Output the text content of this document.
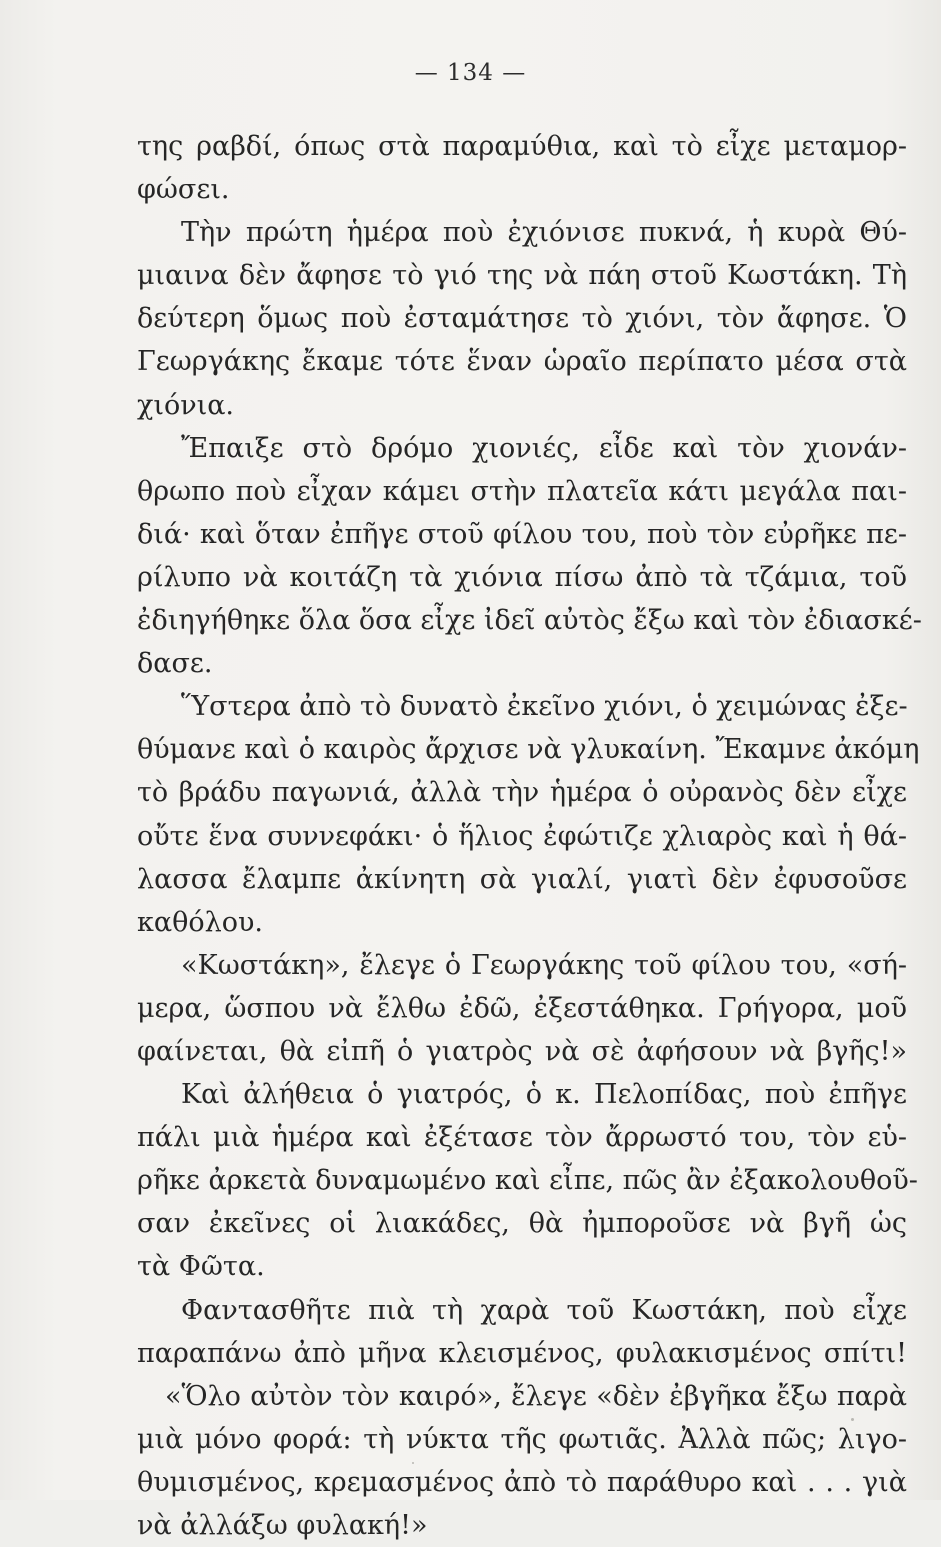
— 134 —

της ραβδί, όπως στὰ παραμύθια, καὶ τὸ εἶχε μεταμορ-
φώσει.
Τὴν πρώτη ἡμέρα ποὺ ἐχιόνισε πυκνά, ἡ κυρὰ Θύ-
μιαινα δὲν ἄφησε τὸ γιό της νὰ πάη στοῦ Κωστάκη. Τὴ
δεύτερη ὅμως ποὺ ἐσταμάτησε τὸ χιόνι, τὸν ἄφησε. Ὁ
Γεωργάκης ἔκαμε τότε ἕναν ὡραῖο περίπατο μέσα στὰ
χιόνια.
Ἔπαιξε στὸ δρόμο χιονιές, εἶδε καὶ τὸν χιονάν-
θρωπο ποὺ εἶχαν κάμει στὴν πλατεῖα κάτι μεγάλα παι-
διά· καὶ ὅταν ἐπῆγε στοῦ φίλου του, ποὺ τὸν εὐρῆκε πε-
ρίλυπο νὰ κοιτάζη τὰ χιόνια πίσω ἀπὸ τὰ τζάμια, τοῦ
ἐδιηγήθηκε ὅλα ὅσα εἶχε ἰδεῖ αὐτὸς ἔξω καὶ τὸν ἐδιασκέ-
δασε.
Ὕστερα ἀπὸ τὸ δυνατὸ ἐκεῖνο χιόνι, ὁ χειμώνας ἐξε-
θύμανε καὶ ὁ καιρὸς ἄρχισε νὰ γλυκαίνη. Ἔκαμνε ἀκόμη
τὸ βράδυ παγωνιά, ἀλλὰ τὴν ἡμέρα ὁ οὐρανὸς δὲν εἶχε
οὔτε ἕνα συννεφάκι· ὁ ἥλιος ἐφώτιζε χλιαρὸς καὶ ἡ θά-
λασσα ἔλαμπε ἀκίνητη σὰ γιαλί, γιατὶ δὲν ἐφυσοῦσε
καθόλου.
«Κωστάκη», ἔλεγε ὁ Γεωργάκης τοῦ φίλου του, «σή-
μερα, ὥσπου νὰ ἔλθω ἐδῶ, ἐξεστάθηκα. Γρήγορα, μοῦ
φαίνεται, θὰ εἰπῆ ὁ γιατρὸς νὰ σὲ ἀφήσουν νὰ βγῆς!»
Καὶ ἀλήθεια ὁ γιατρός, ὁ κ. Πελοπίδας, ποὺ ἐπῆγε
πάλι μιὰ ἡμέρα καὶ ἐξέτασε τὸν ἄρρωστό του, τὸν εὑ-
ρῆκε ἀρκετὰ δυναμωμένο καὶ εἶπε, πῶς ἂν ἐξακολουθοῦ-
σαν ἐκεῖνες οἱ λιακάδες, θὰ ἠμποροῦσε νὰ βγῆ ὡς
τὰ Φῶτα.
Φαντασθῆτε πιὰ τὴ χαρὰ τοῦ Κωστάκη, ποὺ εἶχε
παραπάνω ἀπὸ μῆνα κλεισμένος, φυλακισμένος σπίτι!
«Ὅλο αὐτὸν τὸν καιρό», ἔλεγε «δὲν ἐβγῆκα ἔξω παρὰ
μιὰ μόνο φορά: τὴ νύκτα τῆς φωτιᾶς. Ἀλλὰ πῶς; λιγο-
θυμισμένος, κρεμασμένος ἀπὸ τὸ παράθυρο καὶ . . . γιὰ
νὰ ἀλλάξω φυλακή!»
